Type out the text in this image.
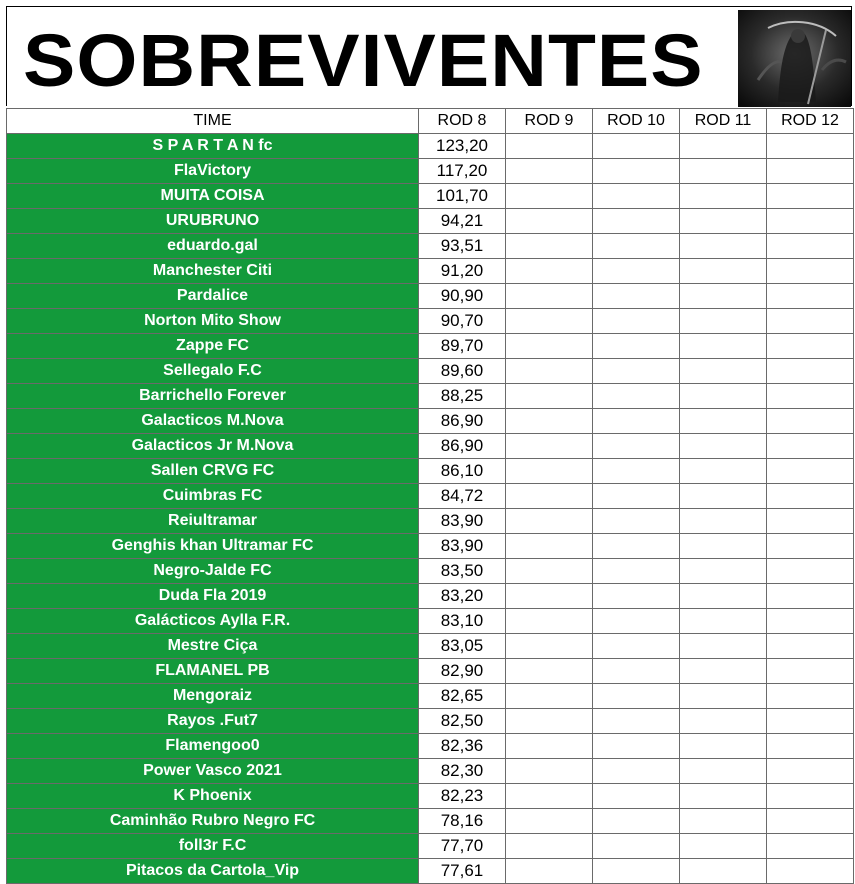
SOBREVIVENTES
TIME	ROD 8	ROD 9	ROD 10	ROD 11	ROD 12
S P A R T A N fc	123,20				
FlaVictory	117,20				
MUITA COISA	101,70				
URUBRUNO	94,21				
eduardo.gal	93,51				
Manchester Citi	91,20				
Pardalice	90,90				
Norton Mito Show	90,70				
Zappe FC	89,70				
Sellegalo F.C	89,60				
Barrichello Forever	88,25				
Galacticos M.Nova	86,90				
Galacticos Jr M.Nova	86,90				
Sallen CRVG FC	86,10				
Cuimbras FC	84,72				
Reiultramar	83,90				
Genghis khan Ultramar FC	83,90				
Negro-Jalde FC	83,50				
Duda Fla 2019	83,20				
Galácticos Aylla F.R.	83,10				
Mestre Ciça	83,05				
FLAMANEL PB	82,90				
Mengoraiz	82,65				
Rayos .Fut7	82,50				
Flamengoo0	82,36				
Power Vasco 2021	82,30				
K Phoenix	82,23				
Caminhão Rubro Negro FC	78,16				
foll3r F.C	77,70				
Pitacos da Cartola_Vip	77,61				
